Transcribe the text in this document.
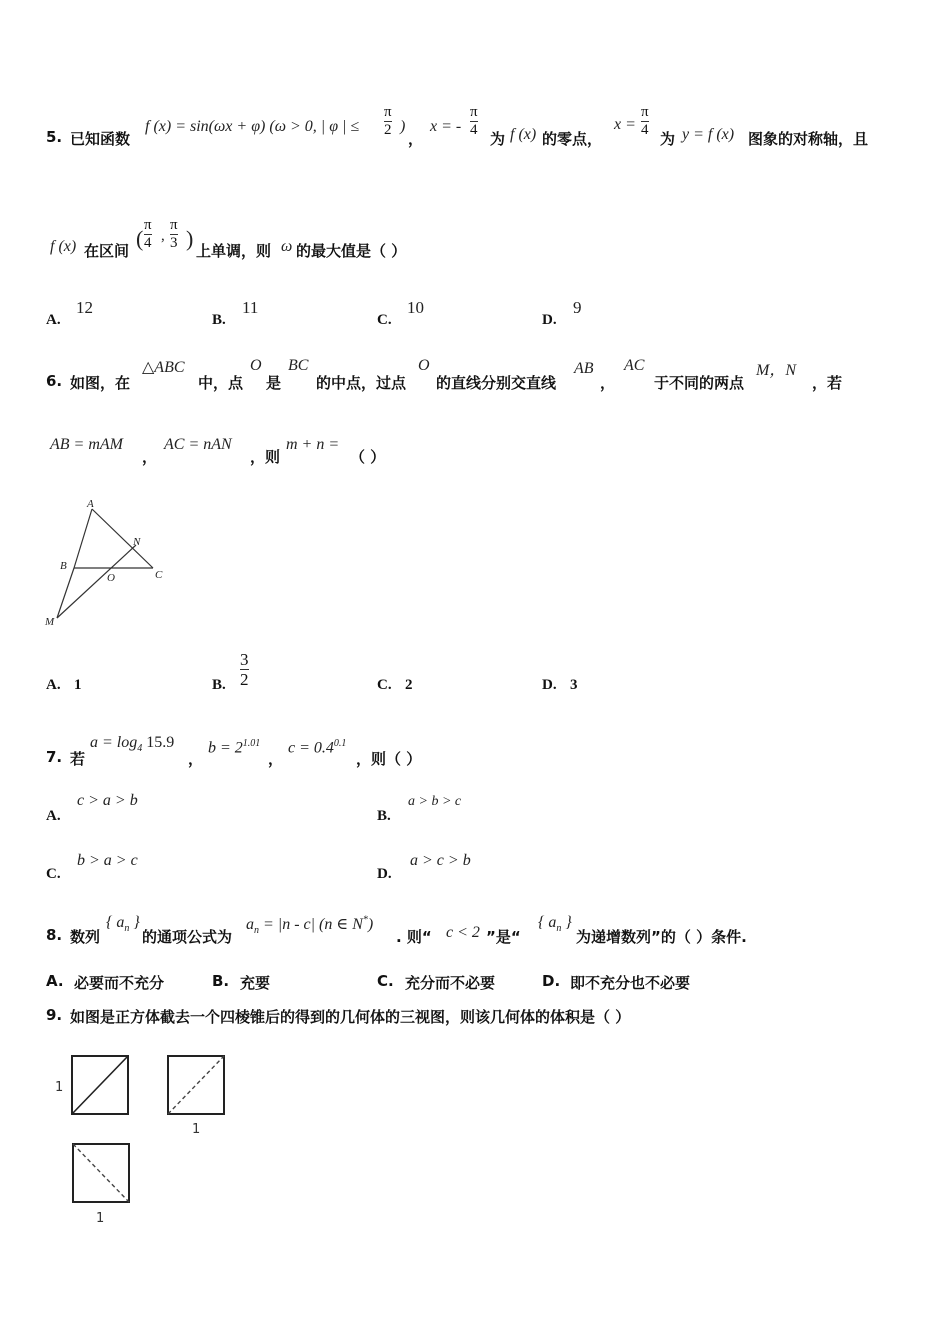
5. 已知函数
f (x) = sin(ωx + φ) (ω > 0, | φ | ≤ $\frac{\pi}{2}$ )
，
x = - $\frac{\pi}{4}$ 为 f (x) 的零点，
$x = \frac{\pi}{4}$ 为 y = f (x) 图象的对称轴，且
f (x) 在区间 ( $\frac{\pi}{4}$ , $\frac{\pi}{3}$ ) 上单调，则 ω 的最大值是（ ）
A.
12
B.
11
C.
10
D.
9
6. 如图，在
△ABC
中，点
O
是
BC
的中点，过点
O
的直线分别交直线
AB
，
AC
于不同的两点
M，N
，若
AB = mAM
，
AC = nAN
，则
m + n =
（ ）
A
B
C
M
N
O
A. 1	B. $\frac{3}{2}$	C. 2	D. 3
7. 若
$a = \log_4 15.9$
，
$b = 2^{1.01}$
，
$c = 0.4^{0.1}$
，则（ ）
A.
c > a > b
B.
a > b > c
C.
b > a > c
D.
a > c > b
8. 数列
{ $a_n$ }
的通项公式为
$a_n = |n - c|$ (n ∈ N*)
. 则“ c < 2 ”是“
{ $a_n$ }
为递增数列”的（ ）条件.
A. 必要而不充分	B. 充要	C. 充分而不必要	D. 即不充分也不必要
9. 如图是正方体截去一个四棱锥后的得到的几何体的三视图，则该几何体的体积是（ ）
1
1
1
